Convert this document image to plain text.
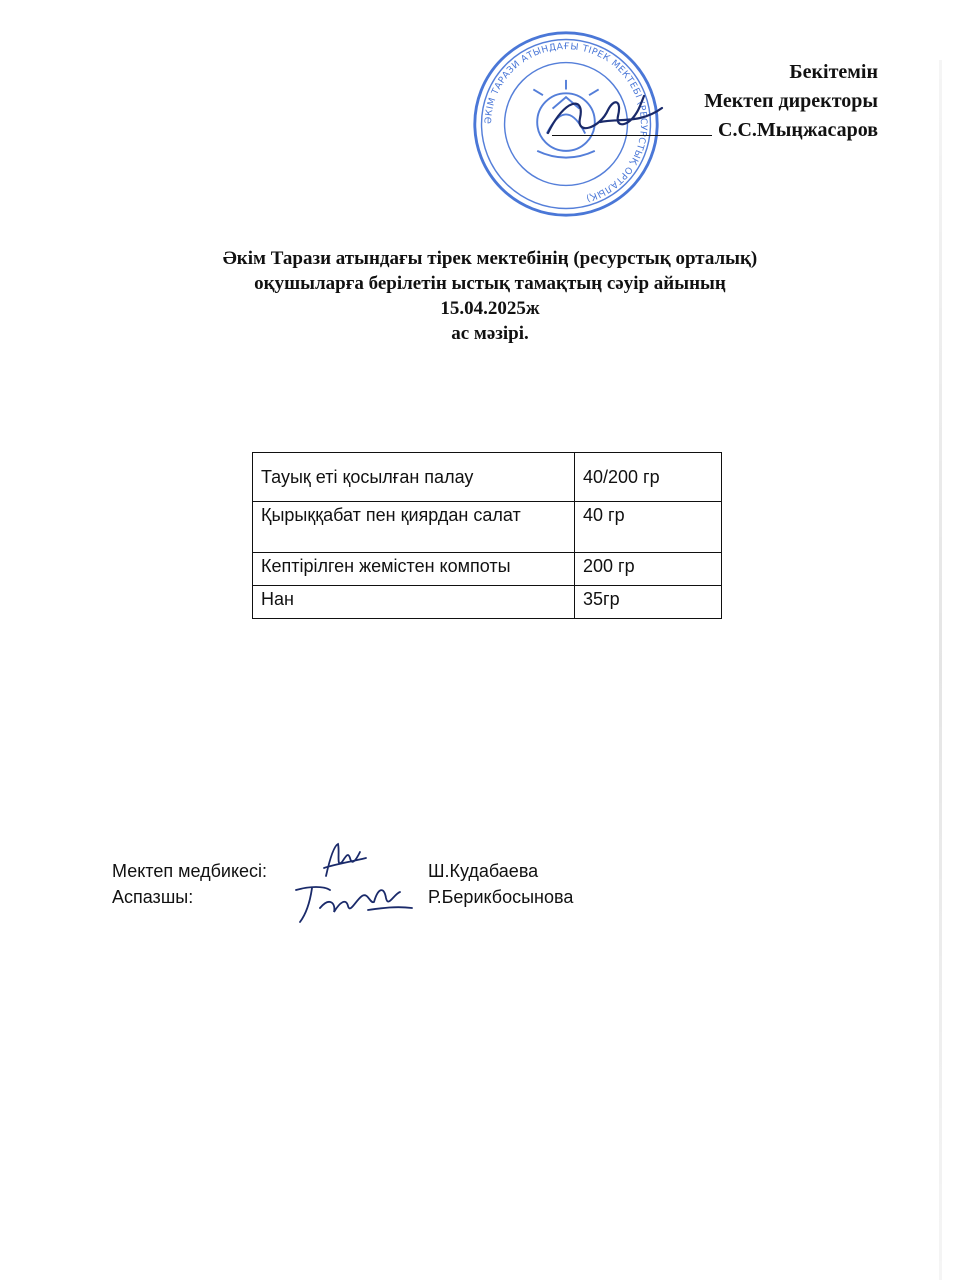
ӘКІМ ТАРАЗИ АТЫНДАҒЫ ТІРЕК МЕКТЕБІ (РЕСУРСТЫҚ ОРТАЛЫҚ)
Бекітемін
Мектеп директоры
С.С.Мыңжасаров
Әкім Тарази атындағы тірек мектебінің (ресурстық орталық)
оқушыларға берілетін ыстық тамақтың сәуір айының
15.04.2025ж
ас мәзірі.
Тауық еті қосылған палау	40/200 гр
Қырыққабат пен қиярдан салат	40 гр
Кептірілген жемістен компоты	200 гр
Нан	35гр
Мектеп медбикесі:	Ш.Кудабаева
Аспазшы:	Р.Берикбосынова
